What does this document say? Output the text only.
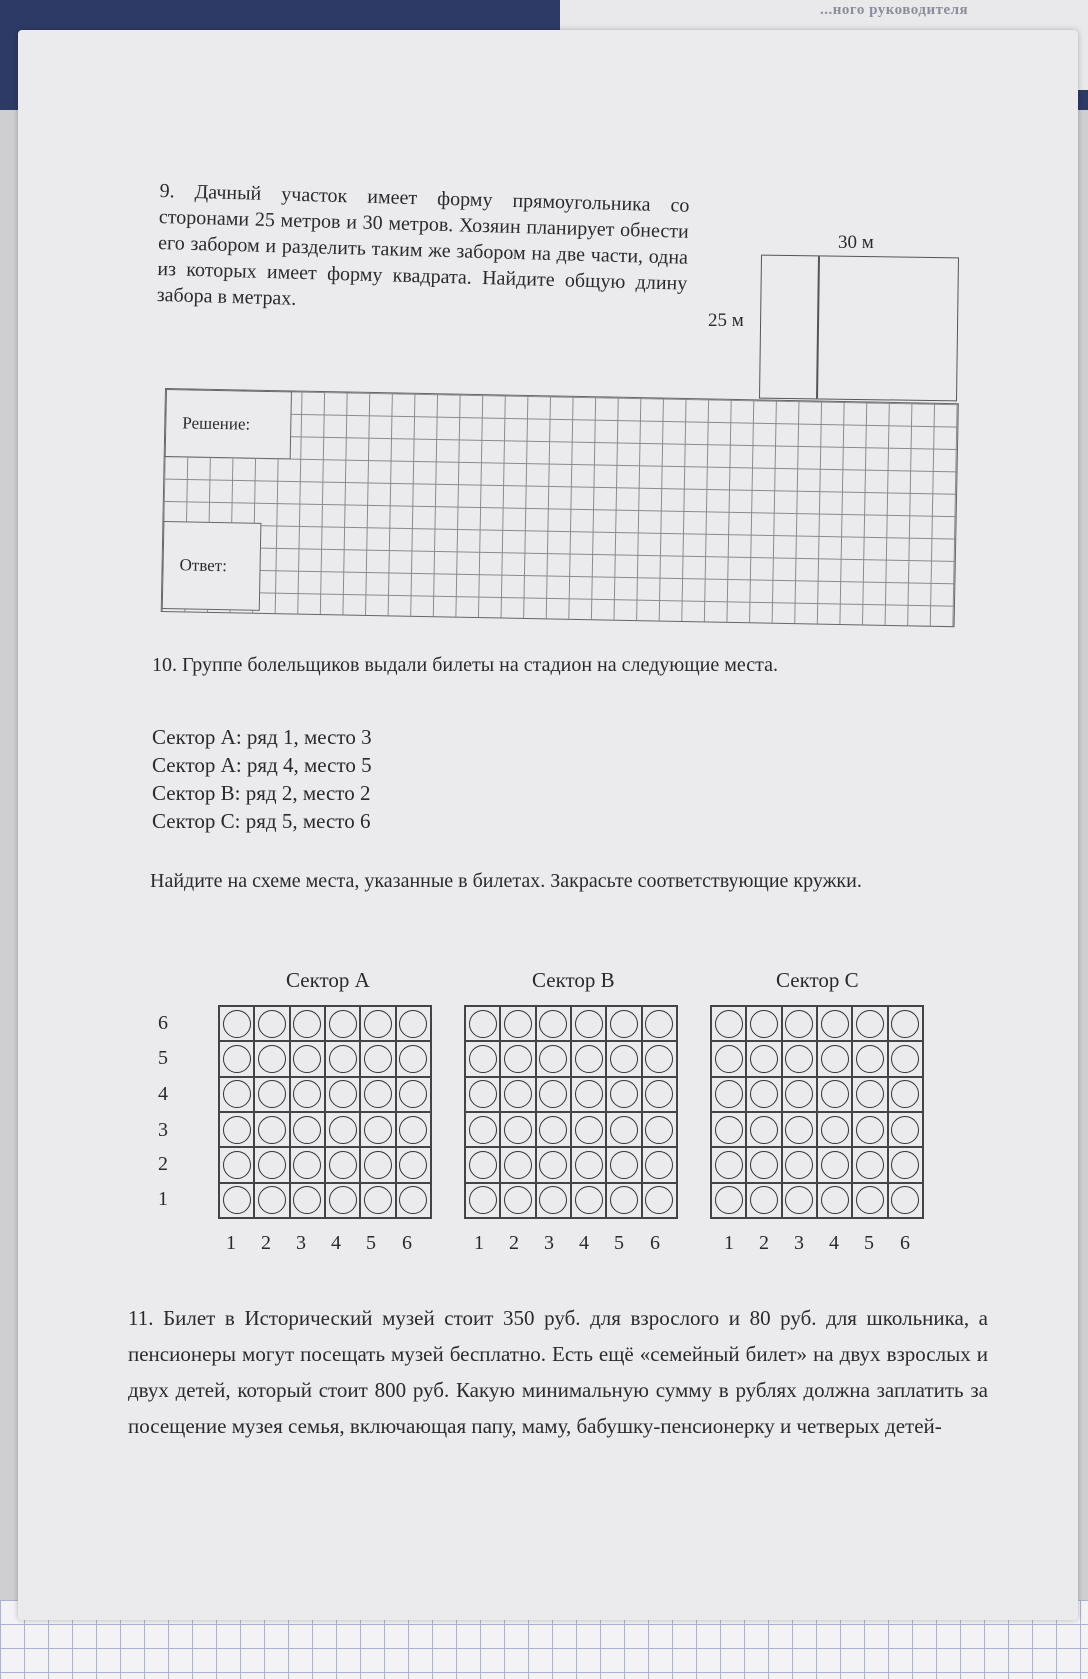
...ного руководителя
9. Дачный участок имеет форму прямоугольника со сторонами 25 метров и 30 метров. Хозяин планирует обнести его забором и разделить таким же забором на две части, одна из которых имеет форму квадрата. Найдите общую длину забора в метрах.
30 м
25 м
Решение:
Ответ:
10. Группе болельщиков выдали билеты на стадион на следующие места.
Сектор А: ряд 1, место 3
Сектор А: ряд 4, место 5
Сектор В: ряд 2, место 2
Сектор С: ряд 5, место 6
Найдите на схеме места, указанные в билетах. Закрасьте соответствующие кружки.
Сектор А	Сектор В	Сектор С
6
5
4
3
2
1
1 2 3 4 5 6	1 2 3 4 5 6	1 2 3 4 5 6
11. Билет в Исторический музей стоит 350 руб. для взрослого и 80 руб. для школьника, а пенсионеры могут посещать музей бесплатно. Есть ещё «семейный билет» на двух взрослых и двух детей, который стоит 800 руб. Какую минимальную сумму в рублях должна заплатить за посещение музея семья, включающая папу, маму, бабушку-пенсионерку и четверых детей-
